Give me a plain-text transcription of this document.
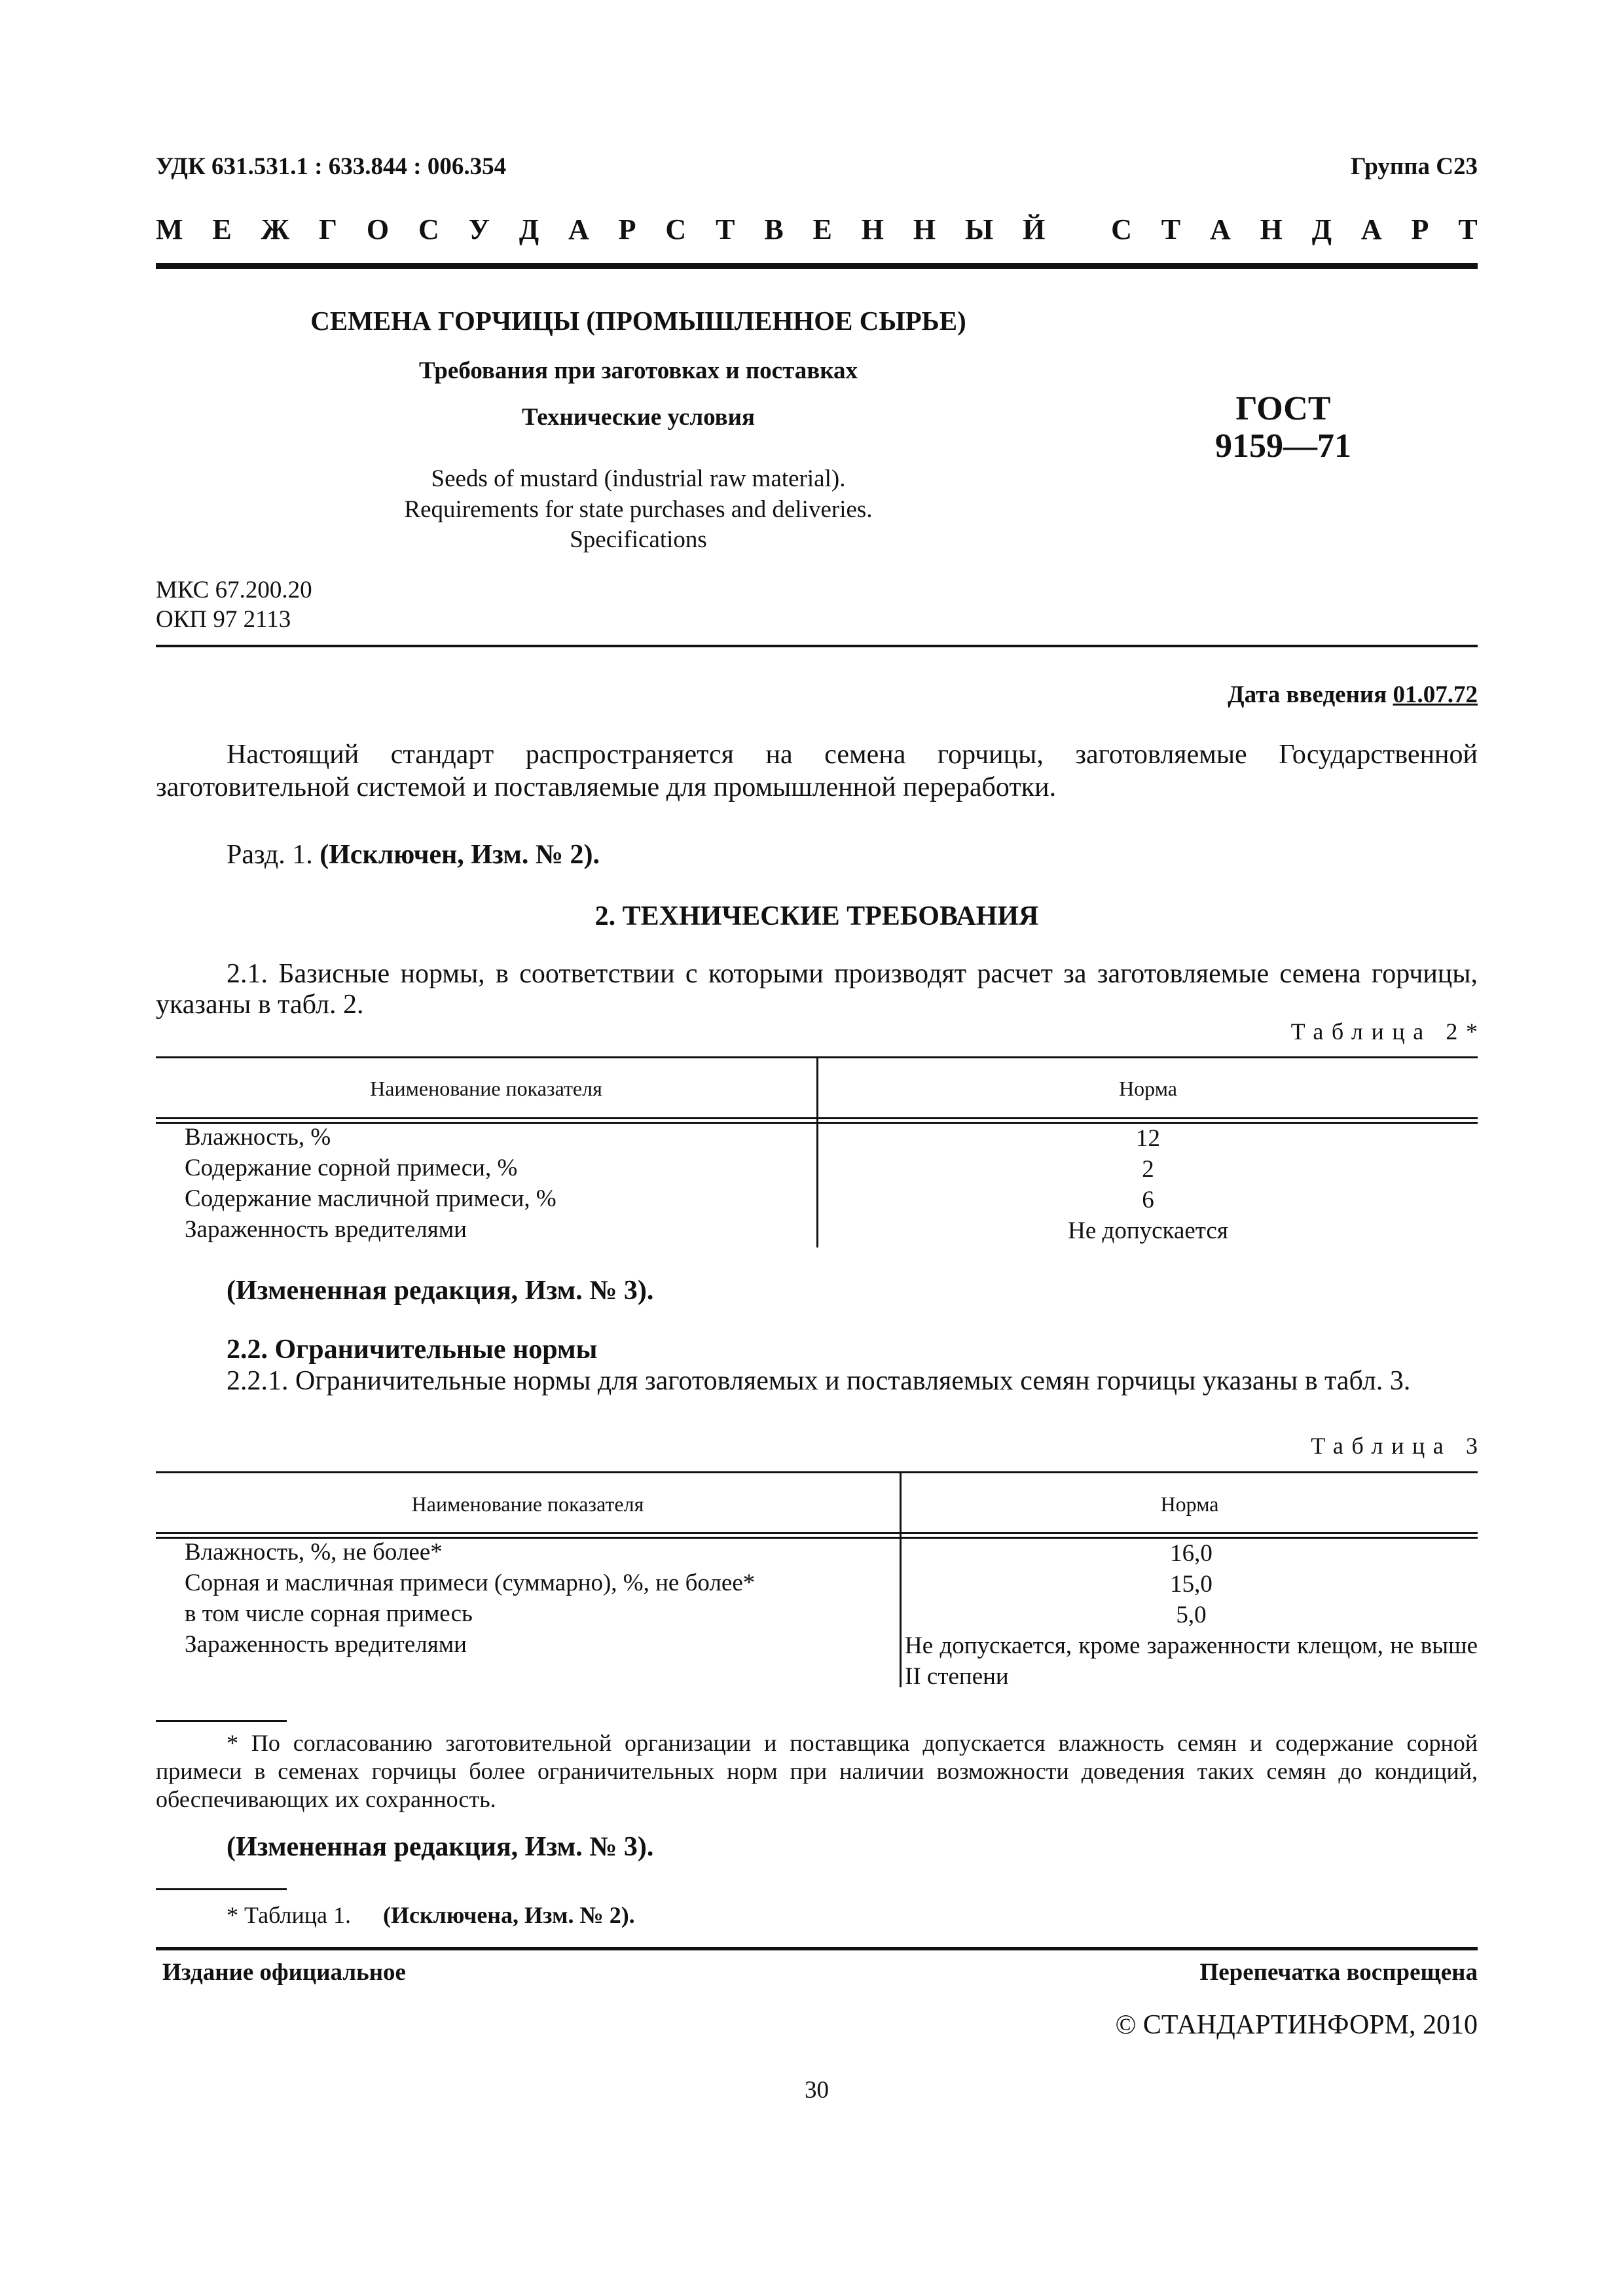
УДК 631.531.1 : 633.844 : 006.354	Группа С23
М Е Ж Г О С У Д А Р С Т В Е Н Н Ы Й
С Т А Н Д А Р Т
СЕМЕНА ГОРЧИЦЫ (ПРОМЫШЛЕННОЕ СЫРЬЕ)
Требования при заготовках и поставках
Технические условия
Seeds of mustard (industrial raw material).
Requirements for state purchases and deliveries.
Specifications
ГОСТ
9159—71
МКС 67.200.20
ОКП 97 2113
Дата введения 01.07.72
Настоящий стандарт распространяется на семена горчицы, заготовляемые Государственной заготовительной системой и поставляемые для промышленной переработки.
Разд. 1. (Исключен, Изм. № 2).
2. ТЕХНИЧЕСКИЕ ТРЕБОВАНИЯ
2.1. Базисные нормы, в соответствии с которыми производят расчет за заготовляемые семена горчицы, указаны в табл. 2.
Таблица 2*
Наименование показателя	Норма
Влажность, %	12
Содержание сорной примеси, %	2
Содержание масличной примеси, %	6
Зараженность вредителями	Не допускается
(Измененная редакция, Изм. № 3).
2.2. Ограничительные нормы
2.2.1. Ограничительные нормы для заготовляемых и поставляемых семян горчицы указаны в табл. 3.
Таблица 3
Наименование показателя	Норма
Влажность, %, не более*	16,0
Сорная и масличная примеси (суммарно), %, не более*	15,0
в том числе сорная примесь	5,0
Зараженность вредителями	Не допускается, кроме зараженности клещом, не выше II степени
* По согласованию заготовительной организации и поставщика допускается влажность семян и содержание сорной примеси в семенах горчицы более ограничительных норм при наличии возможности доведения таких семян до кондиций, обеспечивающих их сохранность.
(Измененная редакция, Изм. № 3).
* Таблица 1. (Исключена, Изм. № 2).
Издание официальное	Перепечатка воспрещена
© СТАНДАРТИНФОРМ, 2010
30
